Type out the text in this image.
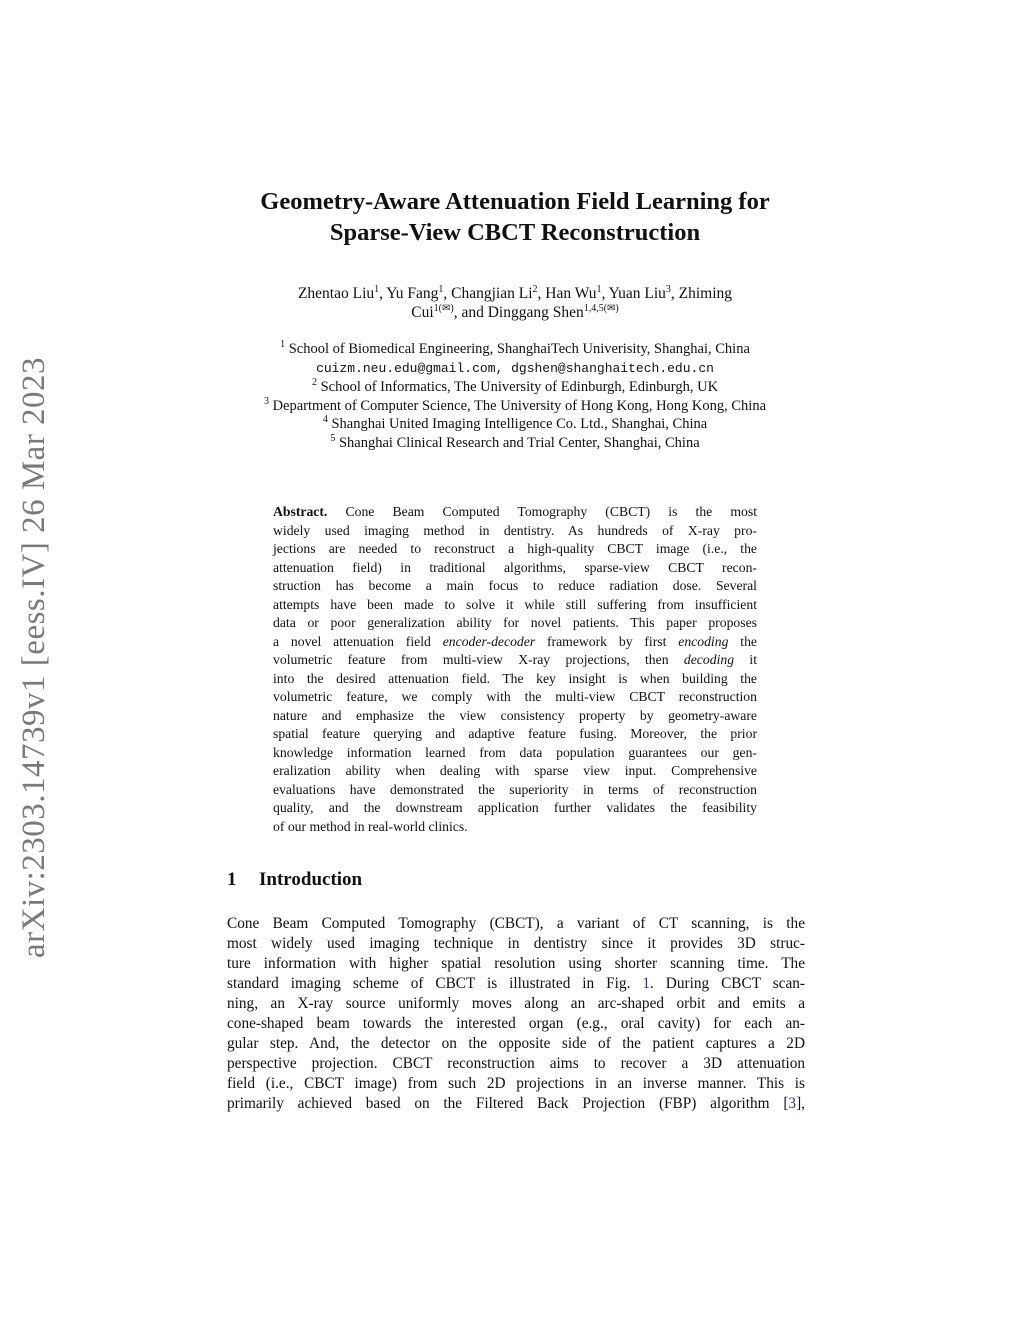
arXiv:2303.14739v1 [eess.IV] 26 Mar 2023
Geometry-Aware Attenuation Field Learning for
Sparse-View CBCT Reconstruction
Zhentao Liu$^1$, Yu Fang$^1$, Changjian Li$^2$, Han Wu$^1$, Yuan Liu$^3$, Zhiming
Cui$^{1(✉)}$, and Dinggang Shen$^{1,4,5(✉)}$
$^1$ School of Biomedical Engineering, ShanghaiTech Univerisity, Shanghai, China
cuizm.neu.edu@gmail.com, dgshen@shanghaitech.edu.cn
$^2$ School of Informatics, The University of Edinburgh, Edinburgh, UK
$^3$ Department of Computer Science, The University of Hong Kong, Hong Kong, China
$^4$ Shanghai United Imaging Intelligence Co. Ltd., Shanghai, China
$^5$ Shanghai Clinical Research and Trial Center, Shanghai, China
Abstract. Cone Beam Computed Tomography (CBCT) is the most
widely used imaging method in dentistry. As hundreds of X-ray pro-
jections are needed to reconstruct a high-quality CBCT image (i.e., the
attenuation field) in traditional algorithms, sparse-view CBCT recon-
struction has become a main focus to reduce radiation dose. Several
attempts have been made to solve it while still suffering from insufficient
data or poor generalization ability for novel patients. This paper proposes
a novel attenuation field encoder-decoder framework by first encoding the
volumetric feature from multi-view X-ray projections, then decoding it
into the desired attenuation field. The key insight is when building the
volumetric feature, we comply with the multi-view CBCT reconstruction
nature and emphasize the view consistency property by geometry-aware
spatial feature querying and adaptive feature fusing. Moreover, the prior
knowledge information learned from data population guarantees our gen-
eralization ability when dealing with sparse view input. Comprehensive
evaluations have demonstrated the superiority in terms of reconstruction
quality, and the downstream application further validates the feasibility
of our method in real-world clinics.
1 Introduction
Cone Beam Computed Tomography (CBCT), a variant of CT scanning, is the
most widely used imaging technique in dentistry since it provides 3D struc-
ture information with higher spatial resolution using shorter scanning time. The
standard imaging scheme of CBCT is illustrated in Fig. 1. During CBCT scan-
ning, an X-ray source uniformly moves along an arc-shaped orbit and emits a
cone-shaped beam towards the interested organ (e.g., oral cavity) for each an-
gular step. And, the detector on the opposite side of the patient captures a 2D
perspective projection. CBCT reconstruction aims to recover a 3D attenuation
field (i.e., CBCT image) from such 2D projections in an inverse manner. This is
primarily achieved based on the Filtered Back Projection (FBP) algorithm [3],
